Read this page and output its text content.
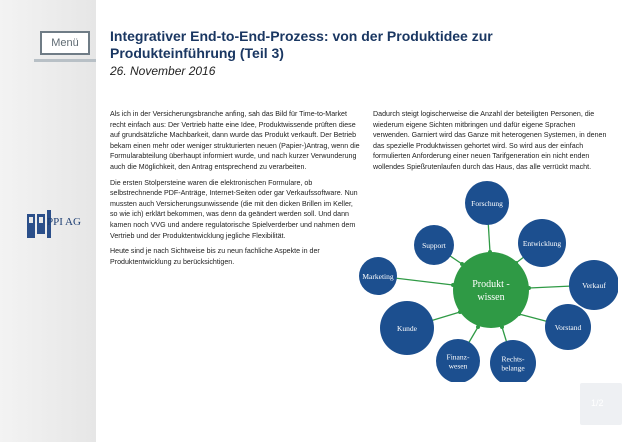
Menü
PPI AG
Integrativer End-to-End-Prozess: von der Produktidee zur Produkteinführung (Teil 3)
26. November 2016

Als ich in der Versicherungsbranche anfing, sah das Bild für Time-to-Market recht einfach aus: Der Vertrieb hatte eine Idee, Produktwissende prüften diese auf grundsätzliche Machbarkeit, dann wurde das Produkt verkauft. Der Betrieb bekam einen mehr oder weniger strukturierten neuen (Papier-)Antrag, wenn die Formularabteilung überhaupt informiert wurde, und nach kurzer Verwunderung auch die Möglichkeit, den Antrag entsprechend zu verarbeiten.

Die ersten Stolpersteine waren die elektronischen Formulare, ob selbstrechnende PDF-Anträge, Internet-Seiten oder gar Verkaufssoftware. Nun mussten auch Versicherungsunwissende (die mit den dicken Brillen im Keller, so wie ich) erklärt bekommen, was denn da geändert werden soll. Und dann kamen noch VVG und andere regulatorische Spielverderber und nahmen dem Vertrieb und der Produktentwicklung jegliche Flexibilität.

Heute sind je nach Sichtweise bis zu neun fachliche Aspekte in der Produktentwicklung zu berücksichtigen.

Dadurch steigt logischerweise die Anzahl der beteiligten Personen, die wiederum eigene Sichten mitbringen und dafür eigene Sprachen verwenden. Garniert wird das Ganze mit heterogenen Systemen, in denen das spezielle Produktwissen gehortet wird. So wird aus der einfach formulierten Anforderung einer neuen Tarifgeneration ein nicht enden wollendes Spießrutenlaufen durch das Haus, das alle verrückt macht.

Forschung
Entwicklung
Verkauf
Vorstand
Rechts-
belange
Finanz-
wesen
Kunde
Marketing
Support
Produkt -
wissen
1/2
